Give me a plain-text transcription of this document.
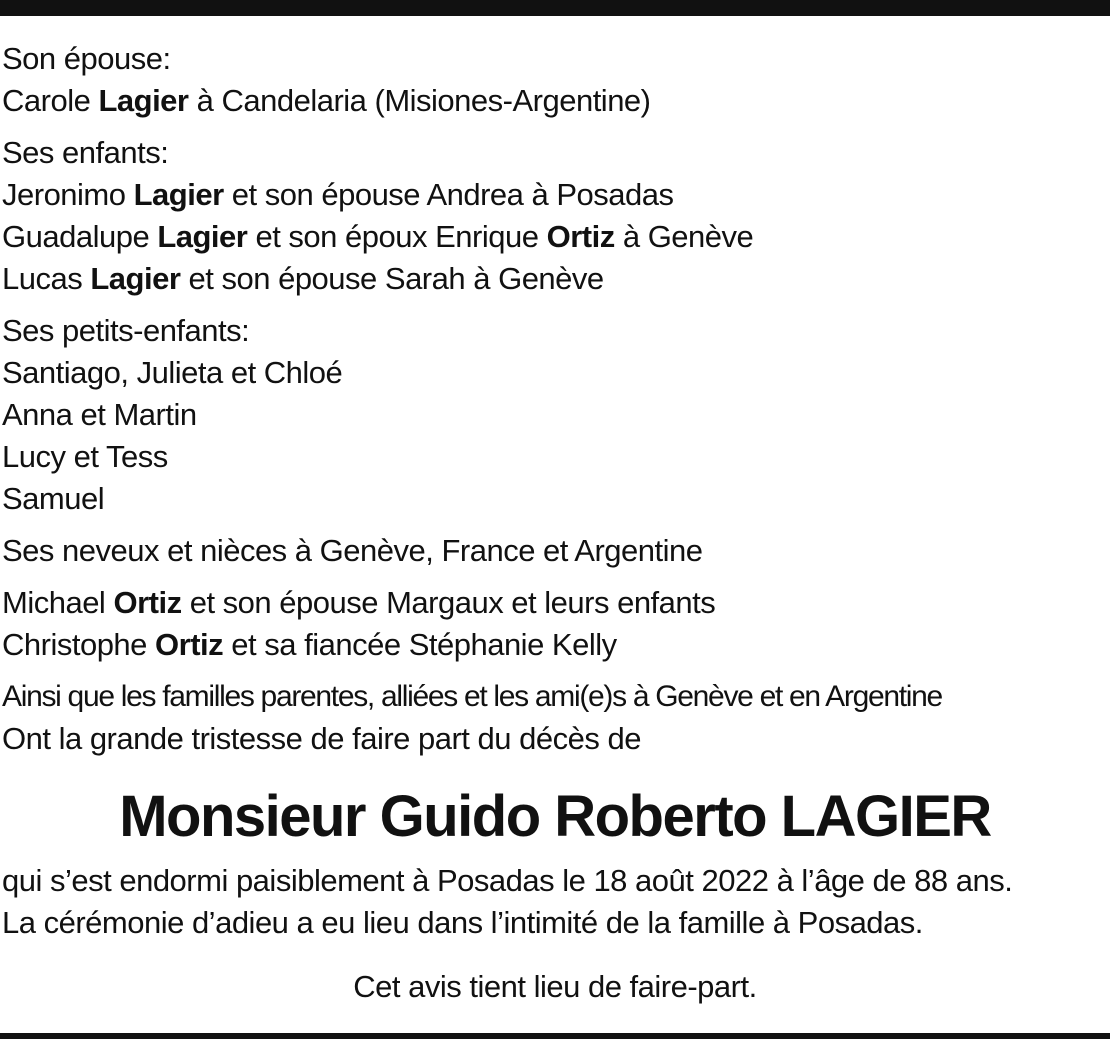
Son épouse:
Carole Lagier à Candelaria (Misiones-Argentine)
Ses enfants:
Jeronimo Lagier et son épouse Andrea à Posadas
Guadalupe Lagier et son époux Enrique Ortiz à Genève
Lucas Lagier et son épouse Sarah à Genève
Ses petits-enfants:
Santiago, Julieta et Chloé
Anna et Martin
Lucy et Tess
Samuel
Ses neveux et nièces à Genève, France et Argentine
Michael Ortiz et son épouse Margaux et leurs enfants
Christophe Ortiz et sa fiancée Stéphanie Kelly
Ainsi que les familles parentes, alliées et les ami(e)s à Genève et en Argentine
Ont la grande tristesse de faire part du décès de
Monsieur Guido Roberto LAGIER
qui s’est endormi paisiblement à Posadas le 18 août 2022 à l’âge de 88 ans.
La cérémonie d’adieu a eu lieu dans l’intimité de la famille à Posadas.
Cet avis tient lieu de faire-part.
